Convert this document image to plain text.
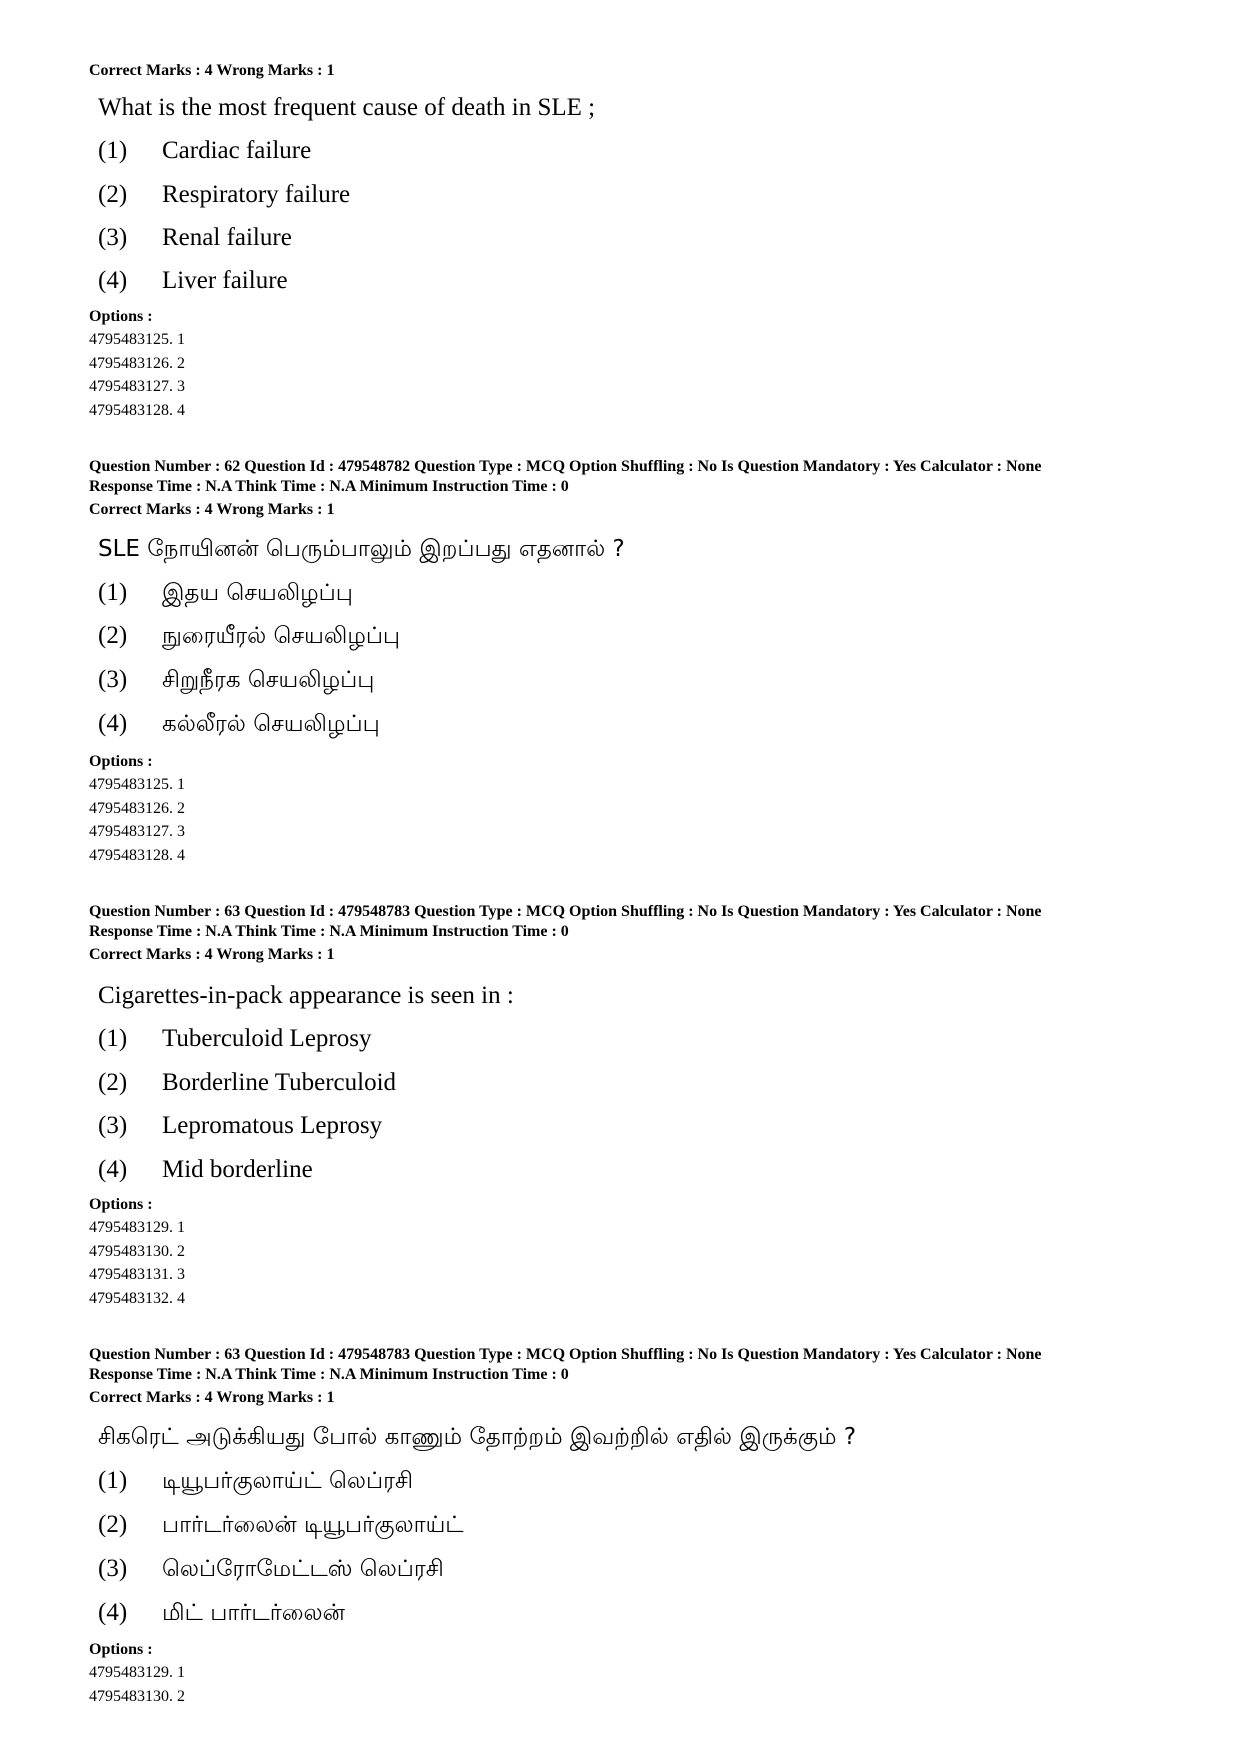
Correct Marks : 4 Wrong Marks : 1
What is the most frequent cause of death in SLE ;
(1) Cardiac failure
(2) Respiratory failure
(3) Renal failure
(4) Liver failure
Options :
4795483125. 1
4795483126. 2
4795483127. 3
4795483128. 4
Question Number : 62 Question Id : 479548782 Question Type : MCQ Option Shuffling : No Is Question Mandatory : Yes Calculator : None
Response Time : N.A Think Time : N.A Minimum Instruction Time : 0
Correct Marks : 4 Wrong Marks : 1
SLE நோயினன் பெரும்பாலும் இறப்பது எதனால் ?
(1) இதய செயலிழப்பு
(2) நுரையீரல் செயலிழப்பு
(3) சிறுநீரக செயலிழப்பு
(4) கல்லீரல் செயலிழப்பு
Options :
4795483125. 1
4795483126. 2
4795483127. 3
4795483128. 4
Question Number : 63 Question Id : 479548783 Question Type : MCQ Option Shuffling : No Is Question Mandatory : Yes Calculator : None
Response Time : N.A Think Time : N.A Minimum Instruction Time : 0
Correct Marks : 4 Wrong Marks : 1
Cigarettes-in-pack appearance is seen in :
(1) Tuberculoid Leprosy
(2) Borderline Tuberculoid
(3) Lepromatous Leprosy
(4) Mid borderline
Options :
4795483129. 1
4795483130. 2
4795483131. 3
4795483132. 4
Question Number : 63 Question Id : 479548783 Question Type : MCQ Option Shuffling : No Is Question Mandatory : Yes Calculator : None
Response Time : N.A Think Time : N.A Minimum Instruction Time : 0
Correct Marks : 4 Wrong Marks : 1
சிகரெட் அடுக்கியது போல் காணும் தோற்றம் இவற்றில் எதில் இருக்கும் ?
(1) டியூபர்குலாய்ட் லெப்ரசி
(2) பார்டர்லைன் டியூபர்குலாய்ட்
(3) லெப்ரோமேட்டஸ் லெப்ரசி
(4) மிட் பார்டர்லைன்
Options :
4795483129. 1
4795483130. 2
